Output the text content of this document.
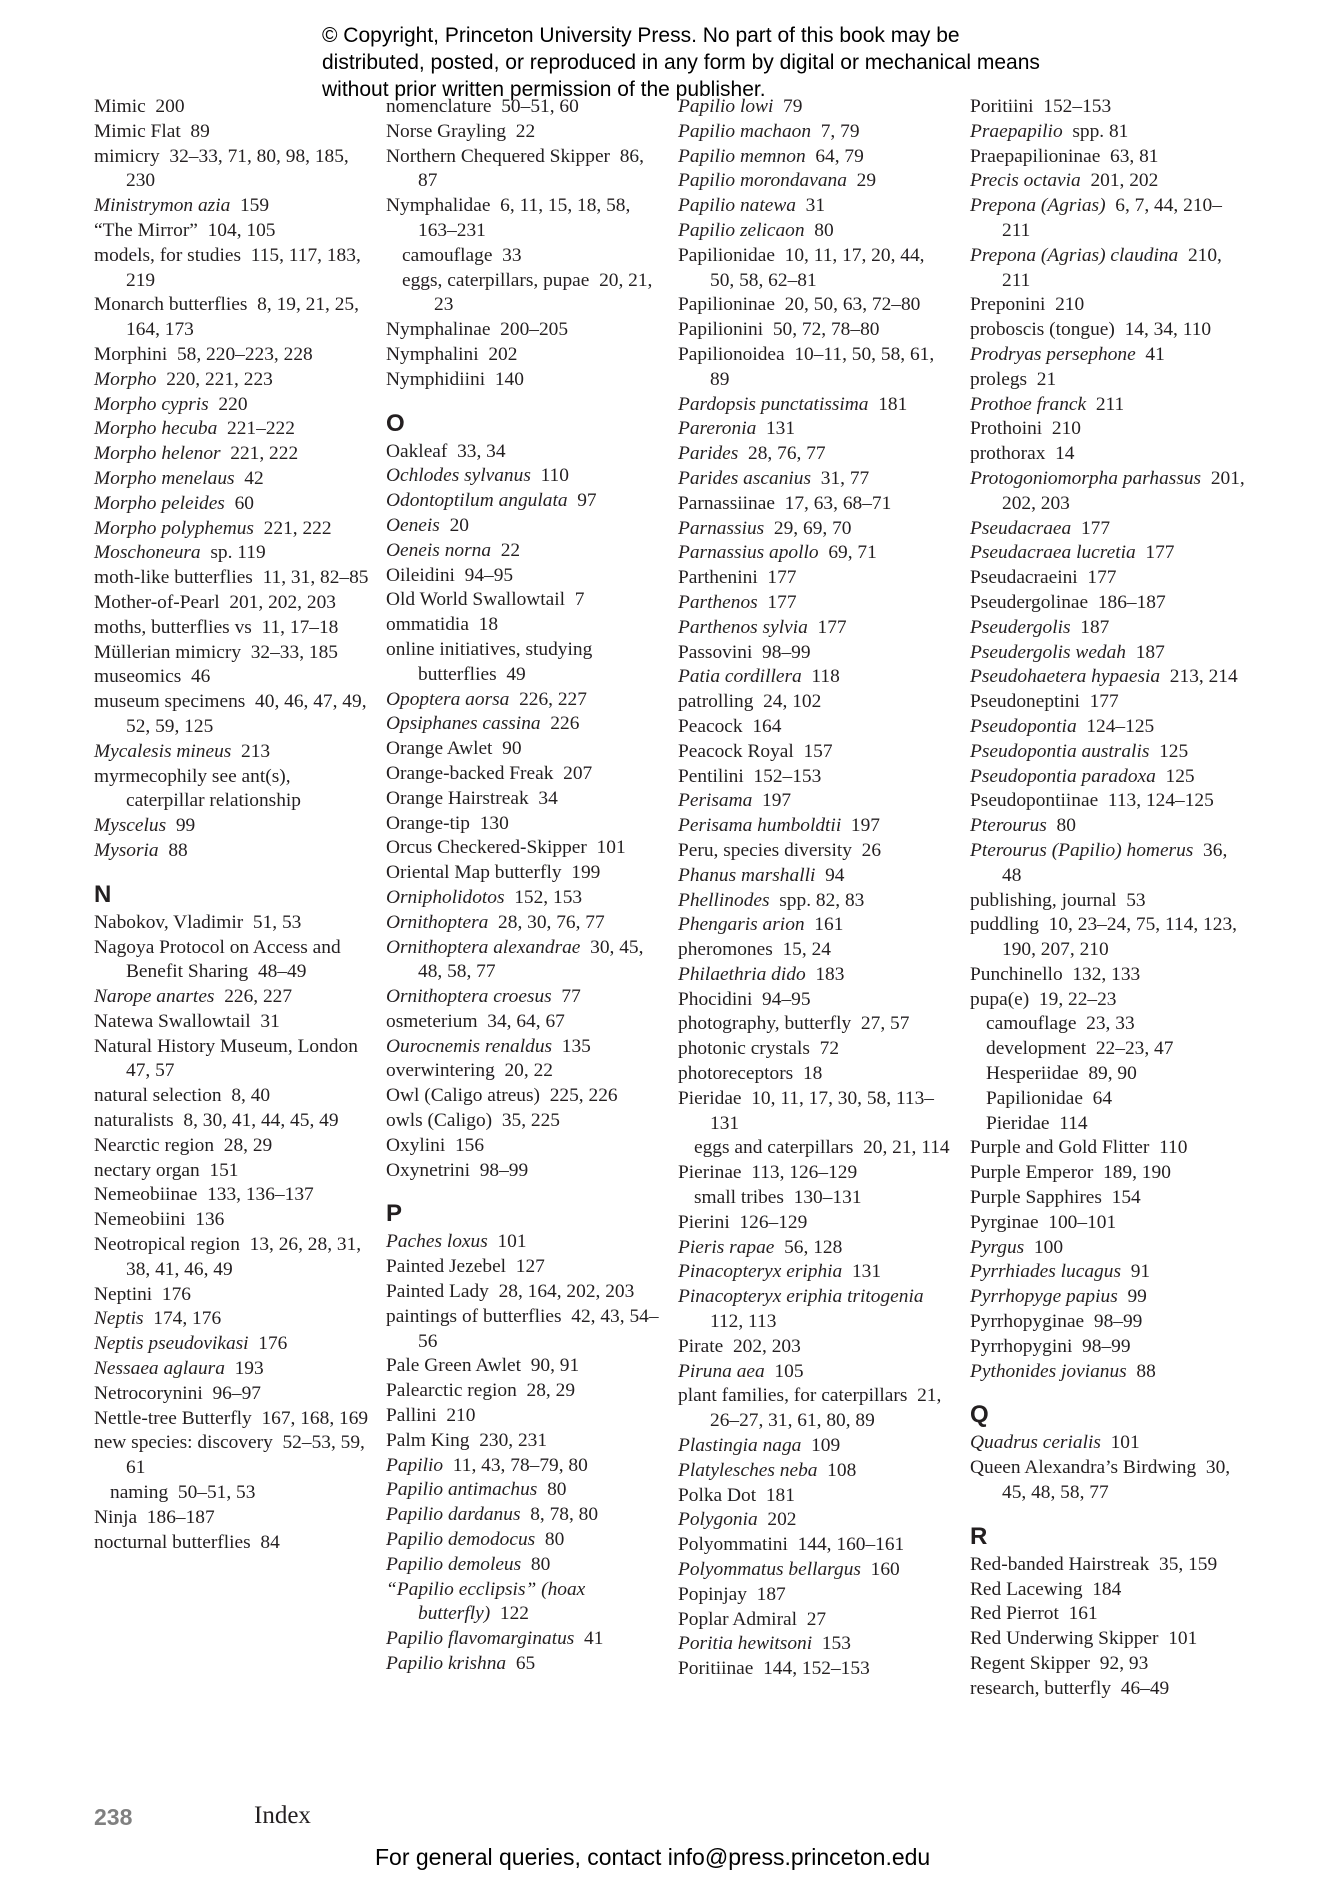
© Copyright, Princeton University Press. No part of this book may be distributed, posted, or reproduced in any form by digital or mechanical means without prior written permission of the publisher.
Mimic  200
Mimic Flat  89
mimicry  32–33, 71, 80, 98, 185, 230
Ministrymon azia  159
“The Mirror”  104, 105
models, for studies  115, 117, 183, 219
Monarch butterflies  8, 19, 21, 25, 164, 173
Morphini  58, 220–223, 228
Morpho  220, 221, 223
Morpho cypris  220
Morpho hecuba  221–222
Morpho helenor  221, 222
Morpho menelaus  42
Morpho peleides  60
Morpho polyphemus  221, 222
Moschoneura  sp. 119
moth-like butterflies  11, 31, 82–85
Mother-of-Pearl  201, 202, 203
moths, butterflies vs  11, 17–18
Müllerian mimicry  32–33, 185
museomics  46
museum specimens  40, 46, 47, 49, 52, 59, 125
Mycalesis mineus  213
myrmecophily see ant(s), caterpillar relationship
Myscelus  99
Mysoria  88
N
Nabokov, Vladimir  51, 53
Nagoya Protocol on Access and Benefit Sharing  48–49
Narope anartes  226, 227
Natewa Swallowtail  31
Natural History Museum, London 47, 57
natural selection  8, 40
naturalists  8, 30, 41, 44, 45, 49
Nearctic region  28, 29
nectary organ  151
Nemeobiinae  133, 136–137
Nemeobiini  136
Neotropical region  13, 26, 28, 31, 38, 41, 46, 49
Neptini  176
Neptis  174, 176
Neptis pseudovikasi  176
Nessaea aglaura  193
Netrocorynini  96–97
Nettle-tree Butterfly  167, 168, 169
new species: discovery  52–53, 59, 61
naming  50–51, 53
Ninja  186–187
nocturnal butterflies  84
nomenclature  50–51, 60
Norse Grayling  22
Northern Chequered Skipper  86, 87
Nymphalidae  6, 11, 15, 18, 58, 163–231
camouflage  33
eggs, caterpillars, pupae  20, 21, 23
Nymphalinae  200–205
Nymphalini  202
Nymphidiini  140
O
Oakleaf  33, 34
Ochlodes sylvanus  110
Odontoptilum angulata  97
Oeneis  20
Oeneis norna  22
Oileidini  94–95
Old World Swallowtail  7
ommatidia  18
online initiatives, studying butterflies  49
Opoptera aorsa  226, 227
Opsiphanes cassina  226
Orange Awlet  90
Orange-backed Freak  207
Orange Hairstreak  34
Orange-tip  130
Orcus Checkered-Skipper  101
Oriental Map butterfly  199
Ornipholidotos  152, 153
Ornithoptera  28, 30, 76, 77
Ornithoptera alexandrae  30, 45, 48, 58, 77
Ornithoptera croesus  77
osmeterium  34, 64, 67
Ourocnemis renaldus  135
overwintering  20, 22
Owl (Caligo atreus)  225, 226
owls (Caligo)  35, 225
Oxylini  156
Oxynetrini  98–99
P
Paches loxus  101
Painted Jezebel  127
Painted Lady  28, 164, 202, 203
paintings of butterflies  42, 43, 54–56
Pale Green Awlet  90, 91
Palearctic region  28, 29
Pallini  210
Palm King  230, 231
Papilio  11, 43, 78–79, 80
Papilio antimachus  80
Papilio dardanus  8, 78, 80
Papilio demodocus  80
Papilio demoleus  80
“Papilio ecclipsis” (hoax butterfly)  122
Papilio flavomarginatus  41
Papilio krishna  65
Papilio lowi  79
Papilio machaon  7, 79
Papilio memnon  64, 79
Papilio morondavana  29
Papilio natewa  31
Papilio zelicaon  80
Papilionidae  10, 11, 17, 20, 44, 50, 58, 62–81
Papilioninae  20, 50, 63, 72–80
Papilionini  50, 72, 78–80
Papilionoidea  10–11, 50, 58, 61, 89
Pardopsis punctatissima  181
Pareronia  131
Parides  28, 76, 77
Parides ascanius  31, 77
Parnassiinae  17, 63, 68–71
Parnassius  29, 69, 70
Parnassius apollo  69, 71
Parthenini  177
Parthenos  177
Parthenos sylvia  177
Passovini  98–99
Patia cordillera  118
patrolling  24, 102
Peacock  164
Peacock Royal  157
Pentilini  152–153
Perisama  197
Perisama humboldtii  197
Peru, species diversity  26
Phanus marshalli  94
Phellinodes  spp. 82, 83
Phengaris arion  161
pheromones  15, 24
Philaethria dido  183
Phocidini  94–95
photography, butterfly  27, 57
photonic crystals  72
photoreceptors  18
Pieridae  10, 11, 17, 30, 58, 113–131
eggs and caterpillars  20, 21, 114
Pierinae  113, 126–129
small tribes  130–131
Pierini  126–129
Pieris rapae  56, 128
Pinacopteryx eriphia  131
Pinacopteryx eriphia tritogenia 112, 113
Pirate  202, 203
Piruna aea  105
plant families, for caterpillars  21, 26–27, 31, 61, 80, 89
Plastingia naga  109
Platylesches neba  108
Polka Dot  181
Polygonia  202
Polyommatini  144, 160–161
Polyommatus bellargus  160
Popinjay  187
Poplar Admiral  27
Poritia hewitsoni  153
Poritiinae  144, 152–153
Poritiini  152–153
Praepapilio  spp. 81
Praepapilioninae  63, 81
Precis octavia  201, 202
Prepona (Agrias)  6, 7, 44, 210–211
Prepona (Agrias) claudina  210, 211
Preponini  210
proboscis (tongue)  14, 34, 110
Prodryas persephone  41
prolegs  21
Prothoe franck  211
Prothoini  210
prothorax  14
Protogoniomorpha parhassus  201, 202, 203
Pseudacraea  177
Pseudacraea lucretia  177
Pseudacraeini  177
Pseudergolinae  186–187
Pseudergolis  187
Pseudergolis wedah  187
Pseudohaetera hypaesia  213, 214
Pseudoneptini  177
Pseudopontia  124–125
Pseudopontia australis  125
Pseudopontia paradoxa  125
Pseudopontiinae  113, 124–125
Pterourus  80
Pterourus (Papilio) homerus  36, 48
publishing, journal  53
puddling  10, 23–24, 75, 114, 123, 190, 207, 210
Punchinello  132, 133
pupa(e)  19, 22–23
camouflage  23, 33
development  22–23, 47
Hesperiidae  89, 90
Papilionidae  64
Pieridae  114
Purple and Gold Flitter  110
Purple Emperor  189, 190
Purple Sapphires  154
Pyrginae  100–101
Pyrgus  100
Pyrrhiades lucagus  91
Pyrrhopyge papius  99
Pyrrhopyginae  98–99
Pyrrhopygini  98–99
Pythonides jovianus  88
Q
Quadrus cerialis  101
Queen Alexandra’s Birdwing  30, 45, 48, 58, 77
R
Red-banded Hairstreak  35, 159
Red Lacewing  184
Red Pierrot  161
Red Underwing Skipper  101
Regent Skipper  92, 93
research, butterfly  46–49
238	Index
For general queries, contact info@press.princeton.edu
